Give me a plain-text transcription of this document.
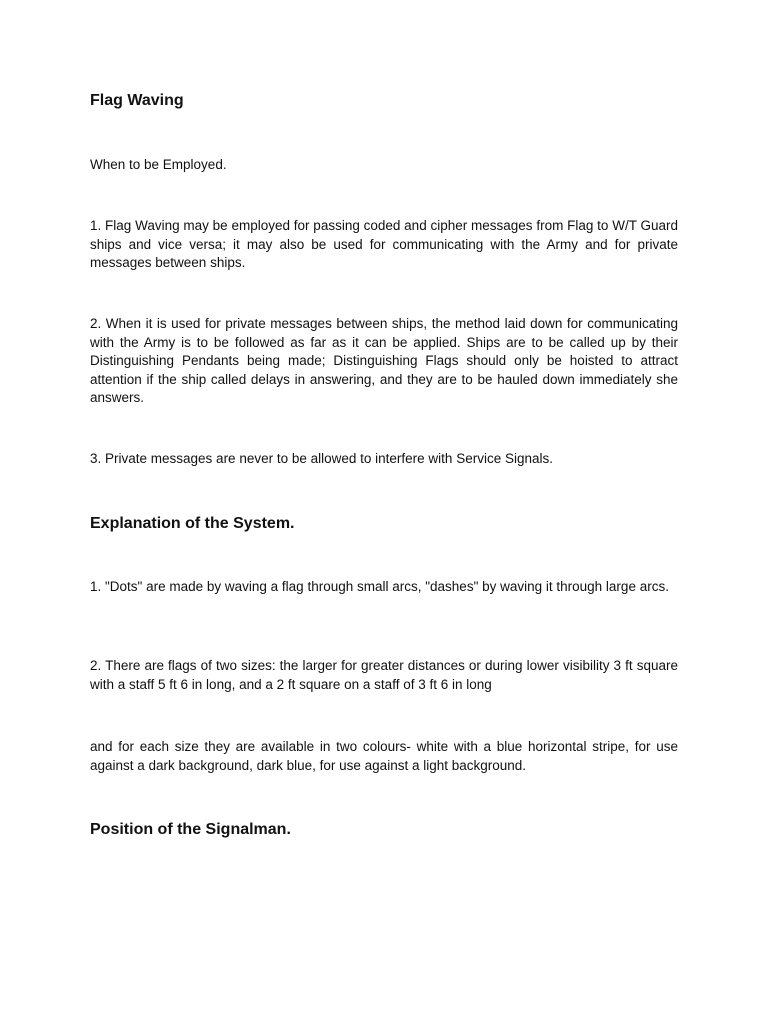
Flag Waving
When to be Employed.
1. Flag Waving may be employed for passing coded and cipher messages from Flag to W/T Guard ships and vice versa; it may also be used for communicating with the Army and for private messages between ships.
2. When it is used for private messages between ships, the method laid down for communicating with the Army is to be followed as far as it can be applied. Ships are to be called up by their Distinguishing Pendants being made; Distinguishing Flags should only be hoisted to attract attention if the ship called delays in answering, and they are to be hauled down immediately she answers.
3. Private messages are never to be allowed to interfere with Service Signals.
Explanation of the System.
1. "Dots" are made by waving a flag through small arcs, "dashes" by waving it through large arcs.
2. There are flags of two sizes: the larger for greater distances or during lower visibility 3 ft square with a staff 5 ft 6 in long, and a 2 ft square on a staff of 3 ft 6 in long
and for each size they are available in two colours- white with a blue horizontal stripe, for use against a dark background, dark blue, for use against a light background.
Position of the Signalman.
